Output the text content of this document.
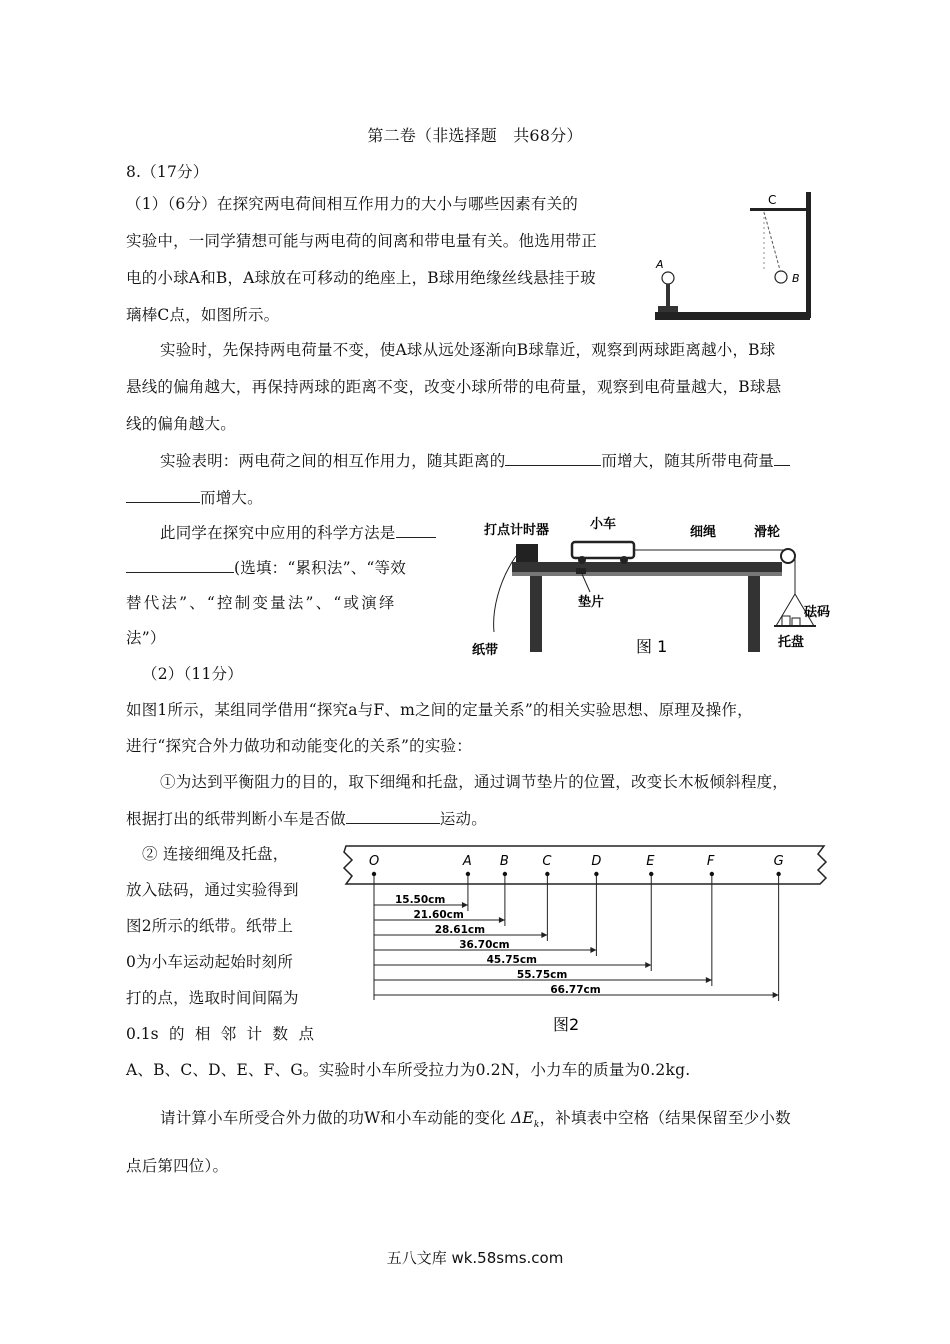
第二卷（非选择题　共68分）
8.（17分）
（1）（6分）在探究两电荷间相互作用力的大小与哪些因素有关的
实验中，一同学猜想可能与两电荷的间离和带电量有关。他选用带正
电的小球A和B，A球放在可移动的绝座上，B球用绝缘丝线悬挂于玻
璃棒C点，如图所示。
C
B
A
实验时，先保持两电荷量不变，使A球从远处逐渐向B球靠近，观察到两球距离越小，B球
悬线的偏角越大，再保持两球的距离不变，改变小球所带的电荷量，观察到电荷量越大，B球悬
线的偏角越大。
实验表明：两电荷之间的相互作用力，随其距离的	而增大，随其所带电荷量
而增大。
此同学在探究中应用的科学方法是
(选填：“累积法”、“等效
替代法”、“控制变量法”、“或演绎
法”）
打点计时器	小车
细绳	滑轮
砝码
托盘
垫片
纸带	图 1
（2）（11分）
如图1所示，某组同学借用“探究a与F、m之间的定量关系”的相关实验思想、原理及操作，
进行“探究合外力做功和动能变化的关系”的实验：
①为达到平衡阻力的目的，取下细绳和托盘，通过调节垫片的位置，改变长木板倾斜程度，
根据打出的纸带判断小车是否做	运动。
② 连接细绳及托盘，
放入砝码，通过实验得到
图2所示的纸带。纸带上
0为小车运动起始时刻所
打的点，选取时间间隔为
0.1s 的 相 邻 计 数 点
O	A B	C	D	E	F	G
15.50cm
21.60cm
28.61cm
36.70cm
45.75cm
55.75cm
66.77cm
图2
A、B、C、D、E、F、G。实验时小车所受拉力为0.2N，小力车的质量为0.2kg.
请计算小车所受合外力做的功W和小车动能的变化 $\Delta E_k$，补填表中空格（结果保留至少小数
点后第四位）。
五八文库 wk.58sms.com
